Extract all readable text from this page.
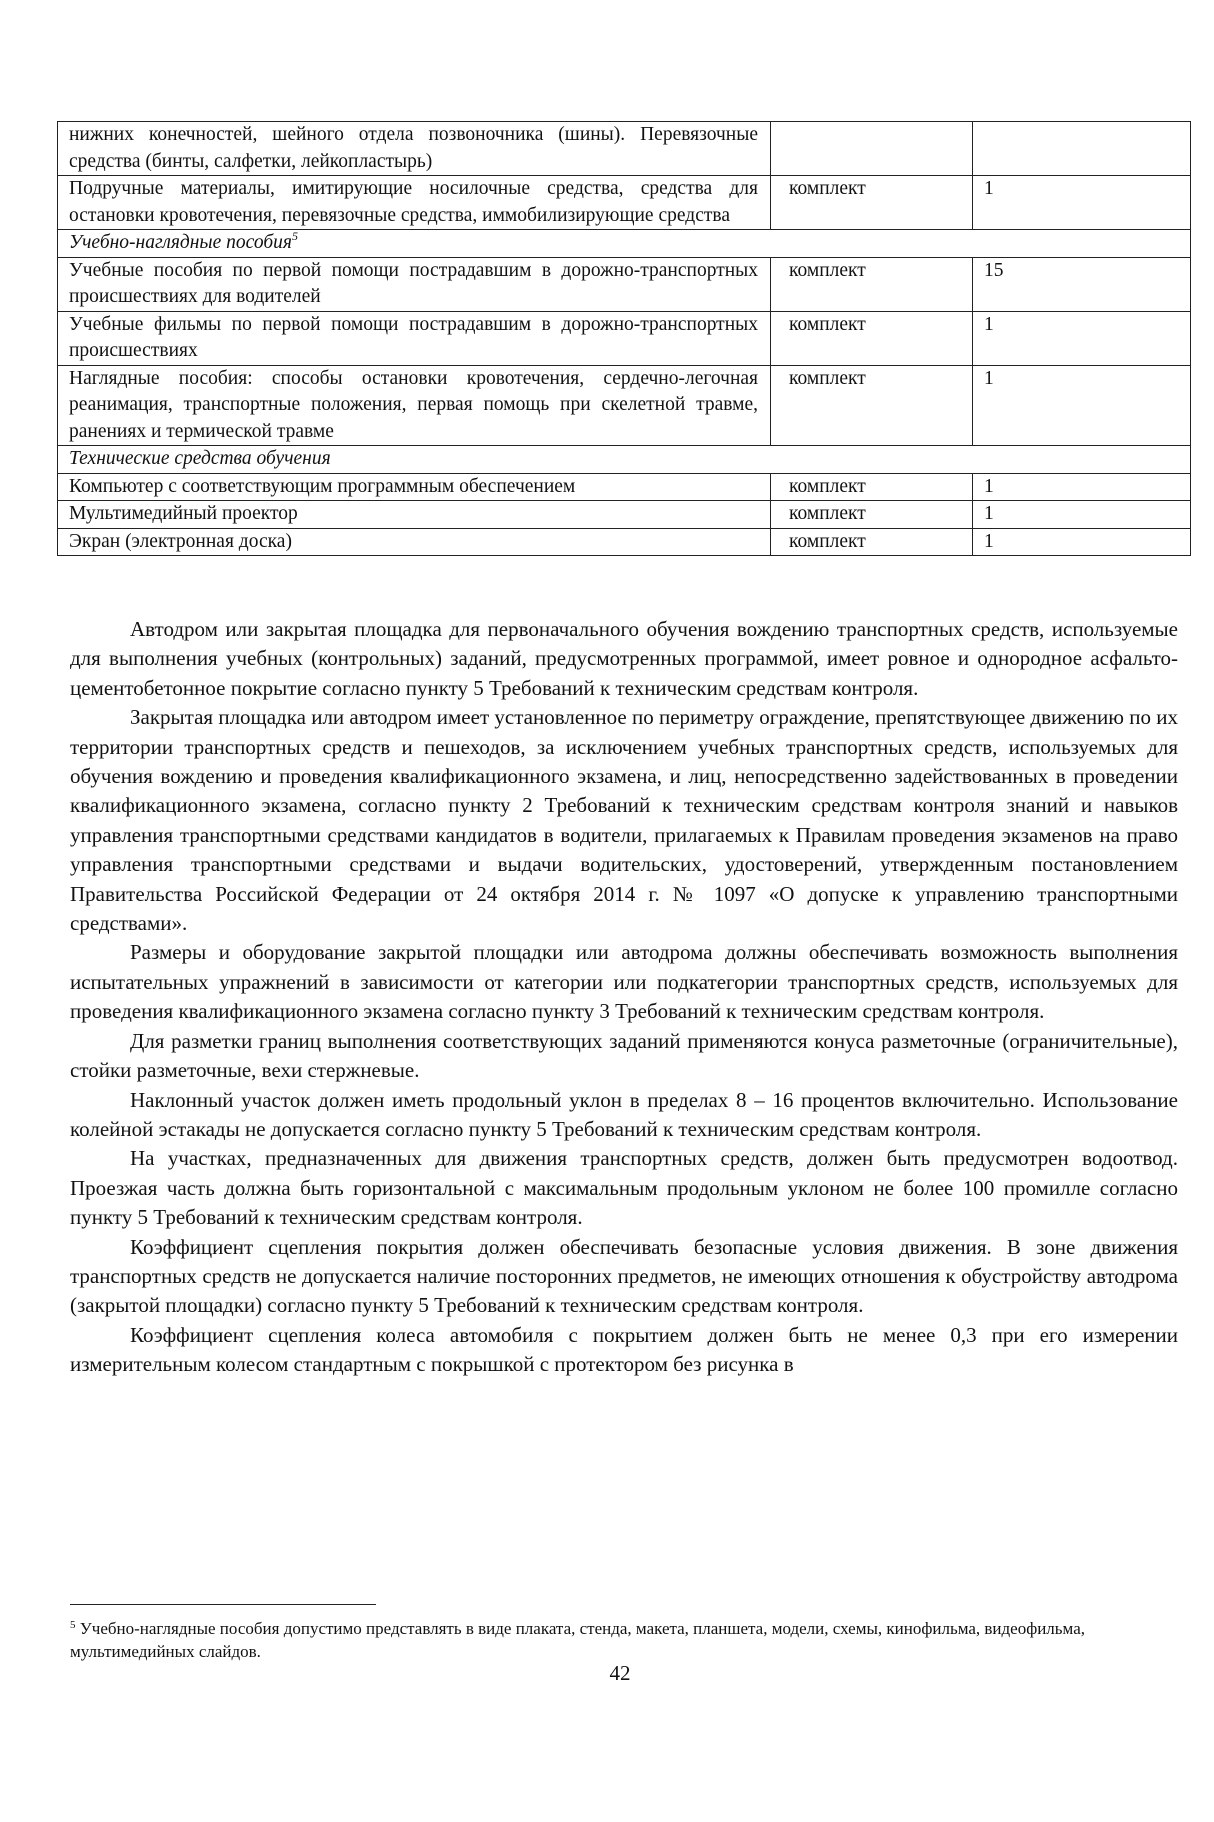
нижних конечностей, шейного отдела позвоночника (шины). Перевязочные средства (бинты, салфетки, лейкопластырь)		
Подручные материалы, имитирующие носилочные средства, средства для остановки кровотечения, перевязочные средства, иммобилизирующие средства	комплект	1
Учебно-наглядные пособия$^5$
Учебные пособия по первой помощи пострадавшим в дорожно-транспортных происшествиях для водителей	комплект	15
Учебные фильмы по первой помощи пострадавшим в дорожно-транспортных происшествиях	комплект	1
Наглядные пособия: способы остановки кровотечения, сердечно-легочная реанимация, транспортные положения, первая помощь при скелетной травме, ранениях и термической травме	комплект	1
Технические средства обучения		
Компьютер с соответствующим программным обеспечением	комплект	1
Мультимедийный проектор	комплект	1
Экран (электронная доска)	комплект	1

Автодром или закрытая площадка для первоначального обучения вождению транспортных средств, используемые для выполнения учебных (контрольных) заданий, предусмотренных программой, имеет ровное и однородное асфальто- цементобетонное покрытие согласно пункту 5 Требований к техническим средствам контроля.

Закрытая площадка или автодром имеет установленное по периметру ограждение, препятствующее движению по их территории транспортных средств и пешеходов, за исключением учебных транспортных средств, используемых для обучения вождению и проведения квалификационного экзамена, и лиц, непосредственно задействованных в проведении квалификационного экзамена, согласно пункту 2 Требований к техническим средствам контроля знаний и навыков управления транспортными средствами кандидатов в водители, прилагаемых к Правилам проведения экзаменов на право управления транспортными средствами и выдачи водительских, удостоверений, утвержденным постановлением Правительства Российской Федерации от 24 октября 2014 г. № 1097 «О допуске к управлению транспортными средствами».

Размеры и оборудование закрытой площадки или автодрома должны обеспечивать возможность выполнения испытательных упражнений в зависимости от категории или подкатегории транспортных средств, используемых для проведения квалификационного экзамена согласно пункту 3 Требований к техническим средствам контроля.

Для разметки границ выполнения соответствующих заданий применяются конуса разметочные (ограничительные), стойки разметочные, вехи стержневые.

Наклонный участок должен иметь продольный уклон в пределах 8 – 16 процентов включительно. Использование колейной эстакады не допускается согласно пункту 5 Требований к техническим средствам контроля.

На участках, предназначенных для движения транспортных средств, должен быть предусмотрен водоотвод. Проезжая часть должна быть горизонтальной с максимальным продольным уклоном не более 100 промилле согласно пункту 5 Требований к техническим средствам контроля.

Коэффициент сцепления покрытия должен обеспечивать безопасные условия движения. В зоне движения транспортных средств не допускается наличие посторонних предметов, не имеющих отношения к обустройству автодрома (закрытой площадки) согласно пункту 5 Требований к техническим средствам контроля.

Коэффициент сцепления колеса автомобиля с покрытием должен быть не менее 0,3 при его измерении измерительным колесом стандартным с покрышкой с протектором без рисунка в

$^5$ Учебно-наглядные пособия допустимо представлять в виде плаката, стенда, макета, планшета, модели, схемы, кинофильма, видеофильма, мультимедийных слайдов.

42
